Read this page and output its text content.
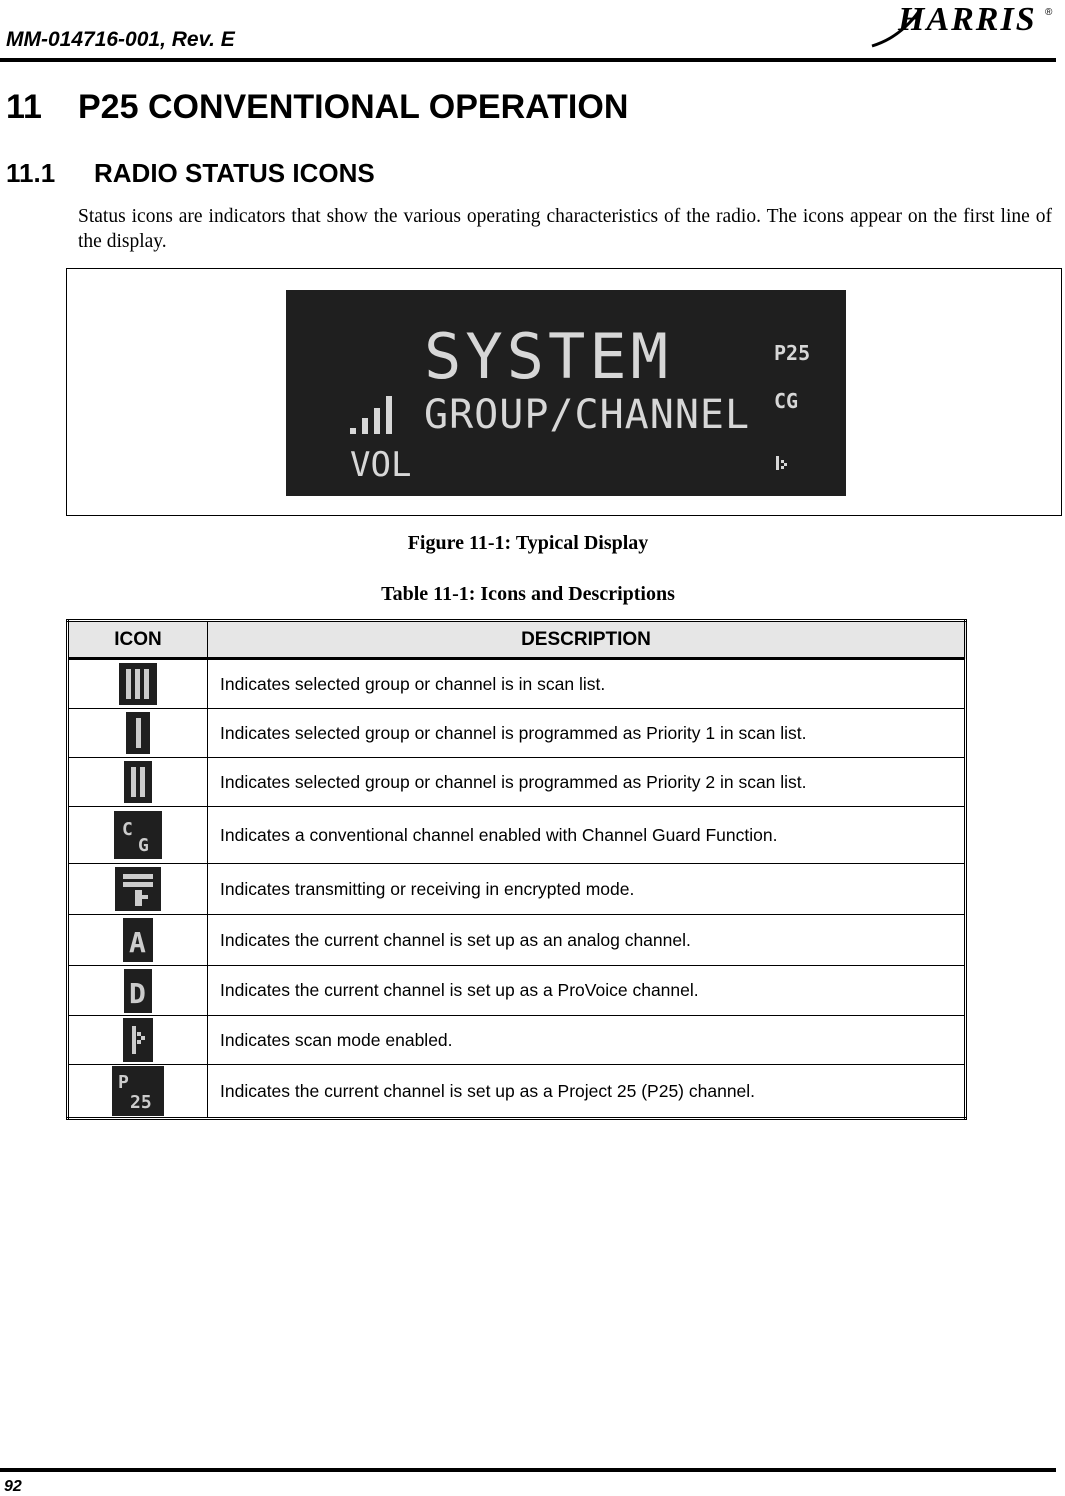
MM-014716-001, Rev. E
HARRIS ®
11 P25 CONVENTIONAL OPERATION
11.1 RADIO STATUS ICONS
Status icons are indicators that show the various operating characteristics of the radio. The icons appear on the first line of the display.
SYSTEM
GROUP/CHANNEL
VOL
P25
CG
Figure 11-1: Typical Display
Table 11-1: Icons and Descriptions
ICON	DESCRIPTION
	Indicates selected group or channel is in scan list.
	Indicates selected group or channel is programmed as Priority 1 in scan list.
	Indicates selected group or channel is programmed as Priority 2 in scan list.

C
G	Indicates a conventional channel enabled with Channel Guard Function.
	Indicates transmitting or receiving in encrypted mode.

A	Indicates the current channel is set up as an analog channel.

D	Indicates the current channel is set up as a ProVoice channel.
	Indicates scan mode enabled.

P
25	Indicates the current channel is set up as a Project 25 (P25) channel.
92
